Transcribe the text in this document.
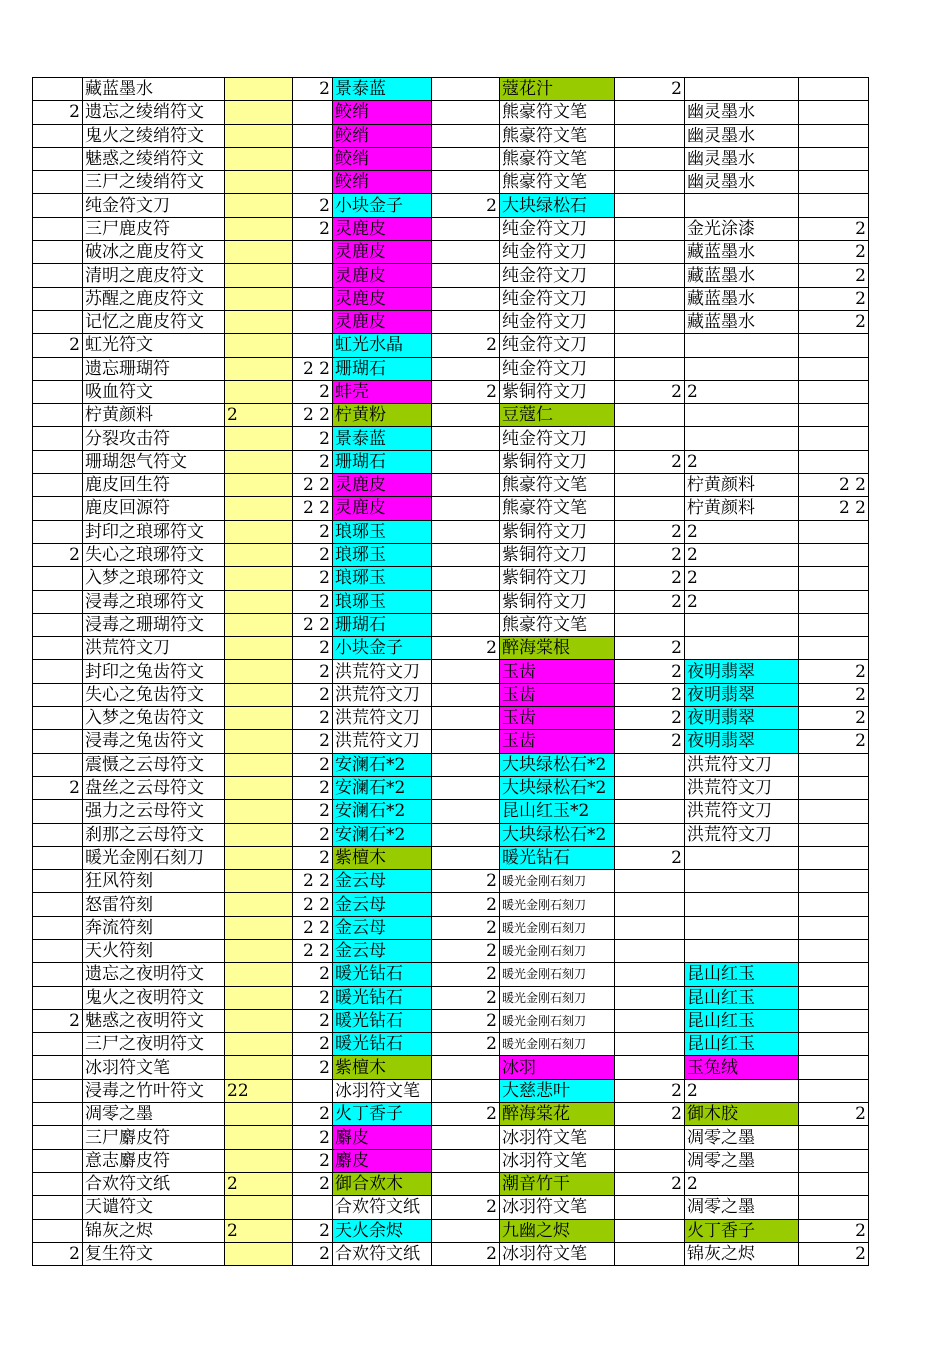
	藏蓝墨水		2	景泰蓝		蔻花汁	2		
2	遗忘之绫绡符文			鲛绡		熊豪符文笔		幽灵墨水	
	鬼火之绫绡符文			鲛绡		熊豪符文笔		幽灵墨水	
	魅惑之绫绡符文			鲛绡		熊豪符文笔		幽灵墨水	
	三尸之绫绡符文			鲛绡		熊豪符文笔		幽灵墨水	
	纯金符文刀		2	小块金子	2	大块绿松石			
	三尸鹿皮符		2	灵鹿皮		纯金符文刀		金光涂漆	2
	破冰之鹿皮符文			灵鹿皮		纯金符文刀		藏蓝墨水	2
	清明之鹿皮符文			灵鹿皮		纯金符文刀		藏蓝墨水	2
	苏醒之鹿皮符文			灵鹿皮		纯金符文刀		藏蓝墨水	2
	记忆之鹿皮符文			灵鹿皮		纯金符文刀		藏蓝墨水	2
2	虹光符文			虹光水晶	2	纯金符文刀			
	遗忘珊瑚符		2 2	珊瑚石		纯金符文刀			
	吸血符文		2	蚌壳	2	紫铜符文刀	2	2	
	柠黄颜料	2	2 2	柠黄粉		豆蔻仁			
	分裂攻击符		2	景泰蓝		纯金符文刀			
	珊瑚怨气符文		2	珊瑚石		紫铜符文刀	2	2	
	鹿皮回生符		2 2	灵鹿皮		熊豪符文笔		柠黄颜料	2 2
	鹿皮回源符		2 2	灵鹿皮		熊豪符文笔		柠黄颜料	2 2
	封印之琅琊符文		2	琅琊玉		紫铜符文刀	2	2	
2	失心之琅琊符文		2	琅琊玉		紫铜符文刀	2	2	
	入梦之琅琊符文		2	琅琊玉		紫铜符文刀	2	2	
	浸毒之琅琊符文		2	琅琊玉		紫铜符文刀	2	2	
	浸毒之珊瑚符文		2 2	珊瑚石		熊豪符文笔			
	洪荒符文刀		2	小块金子	2	醉海棠根	2		
	封印之兔齿符文		2	洪荒符文刀		玉齿	2	夜明翡翠	2
	失心之兔齿符文		2	洪荒符文刀		玉齿	2	夜明翡翠	2
	入梦之兔齿符文		2	洪荒符文刀		玉齿	2	夜明翡翠	2
	浸毒之兔齿符文		2	洪荒符文刀		玉齿	2	夜明翡翠	2
	震慑之云母符文		2	安澜石*2		大块绿松石*2		洪荒符文刀	
2	盘丝之云母符文		2	安澜石*2		大块绿松石*2		洪荒符文刀	
	强力之云母符文		2	安澜石*2		昆山红玉*2		洪荒符文刀	
	刹那之云母符文		2	安澜石*2		大块绿松石*2		洪荒符文刀	
	暖光金刚石刻刀		2	紫檀木		暖光钻石	2		
	狂风符刻		2 2	金云母	2	暖光金刚石刻刀			
	怒雷符刻		2 2	金云母	2	暖光金刚石刻刀			
	奔流符刻		2 2	金云母	2	暖光金刚石刻刀			
	天火符刻		2 2	金云母	2	暖光金刚石刻刀			
	遗忘之夜明符文		2	暖光钻石	2	暖光金刚石刻刀		昆山红玉	
	鬼火之夜明符文		2	暖光钻石	2	暖光金刚石刻刀		昆山红玉	
2	魅惑之夜明符文		2	暖光钻石	2	暖光金刚石刻刀		昆山红玉	
	三尸之夜明符文		2	暖光钻石	2	暖光金刚石刻刀		昆山红玉	
	冰羽符文笔		2	紫檀木		冰羽		玉兔绒	
	浸毒之竹叶符文	22		冰羽符文笔		大慈悲叶	2	2	
	凋零之墨		2	火丁香子	2	醉海棠花	2	御木胶	2
	三尸麝皮符		2	麝皮		冰羽符文笔		凋零之墨	
	意志麝皮符		2	麝皮		冰羽符文笔		凋零之墨	
	合欢符文纸	2	2	御合欢木		潮音竹干	2	2	
	天谴符文			合欢符文纸	2	冰羽符文笔		凋零之墨	
	锦灰之烬	2	2	天火余烬		九幽之烬		火丁香子	2
2	复生符文		2	合欢符文纸	2	冰羽符文笔		锦灰之烬	2
